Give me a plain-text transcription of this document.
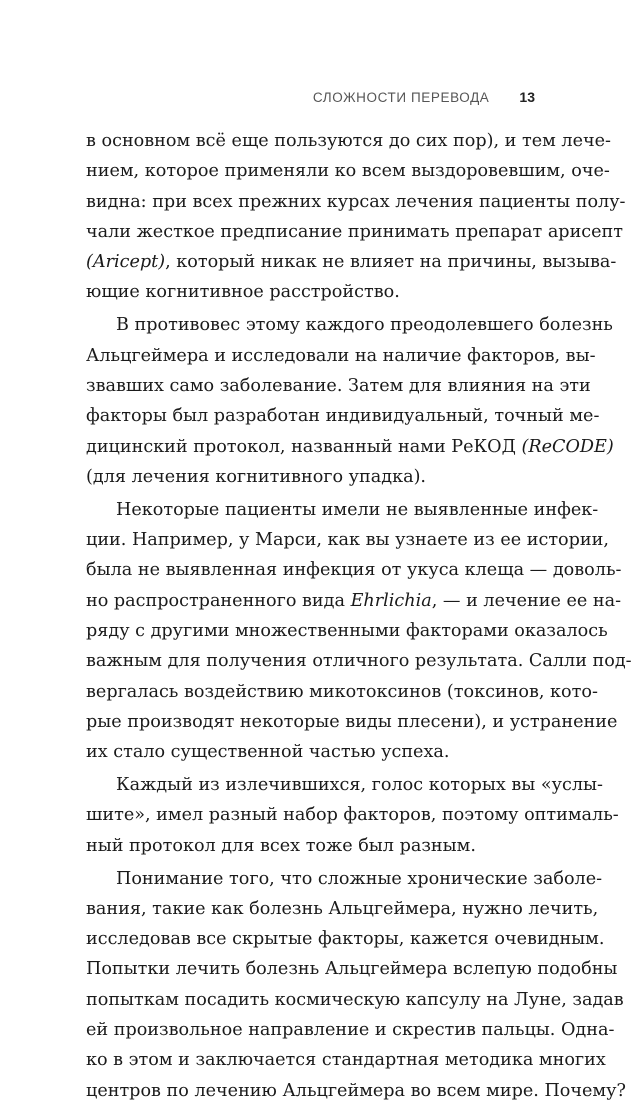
СЛОЖНОСТИ ПЕРЕВОДА 13
в основном всё еще пользуются до сих пор), и тем лече-
нием, которое применяли ко всем выздоровевшим, оче-
видна: при всех прежних курсах лечения пациенты полу-
чали жесткое предписание принимать препарат арисепт
(Aricept), который никак не влияет на причины, вызыва-
ющие когнитивное расстройство.
В противовес этому каждого преодолевшего болезнь
Альцгеймера и исследовали на наличие факторов, вы-
звавших само заболевание. Затем для влияния на эти
факторы был разработан индивидуальный, точный ме-
дицинский протокол, названный нами РеКОД (ReCODE)
(для лечения когнитивного упадка).
Некоторые пациенты имели не выявленные инфек-
ции. Например, у Марси, как вы узнаете из ее истории,
была не выявленная инфекция от укуса клеща — доволь-
но распространенного вида Ehrlichia, — и лечение ее на-
ряду с другими множественными факторами оказалось
важным для получения отличного результата. Салли под-
вергалась воздействию микотоксинов (токсинов, кото-
рые производят некоторые виды плесени), и устранение
их стало существенной частью успеха.
Каждый из излечившихся, голос которых вы «услы-
шите», имел разный набор факторов, поэтому оптималь-
ный протокол для всех тоже был разным.
Понимание того, что сложные хронические заболе-
вания, такие как болезнь Альцгеймера, нужно лечить,
исследовав все скрытые факторы, кажется очевидным.
Попытки лечить болезнь Альцгеймера вслепую подобны
попыткам посадить космическую капсулу на Луне, задав
ей произвольное направление и скрестив пальцы. Одна-
ко в этом и заключается стандартная методика многих
центров по лечению Альцгеймера во всем мире. Почему?
